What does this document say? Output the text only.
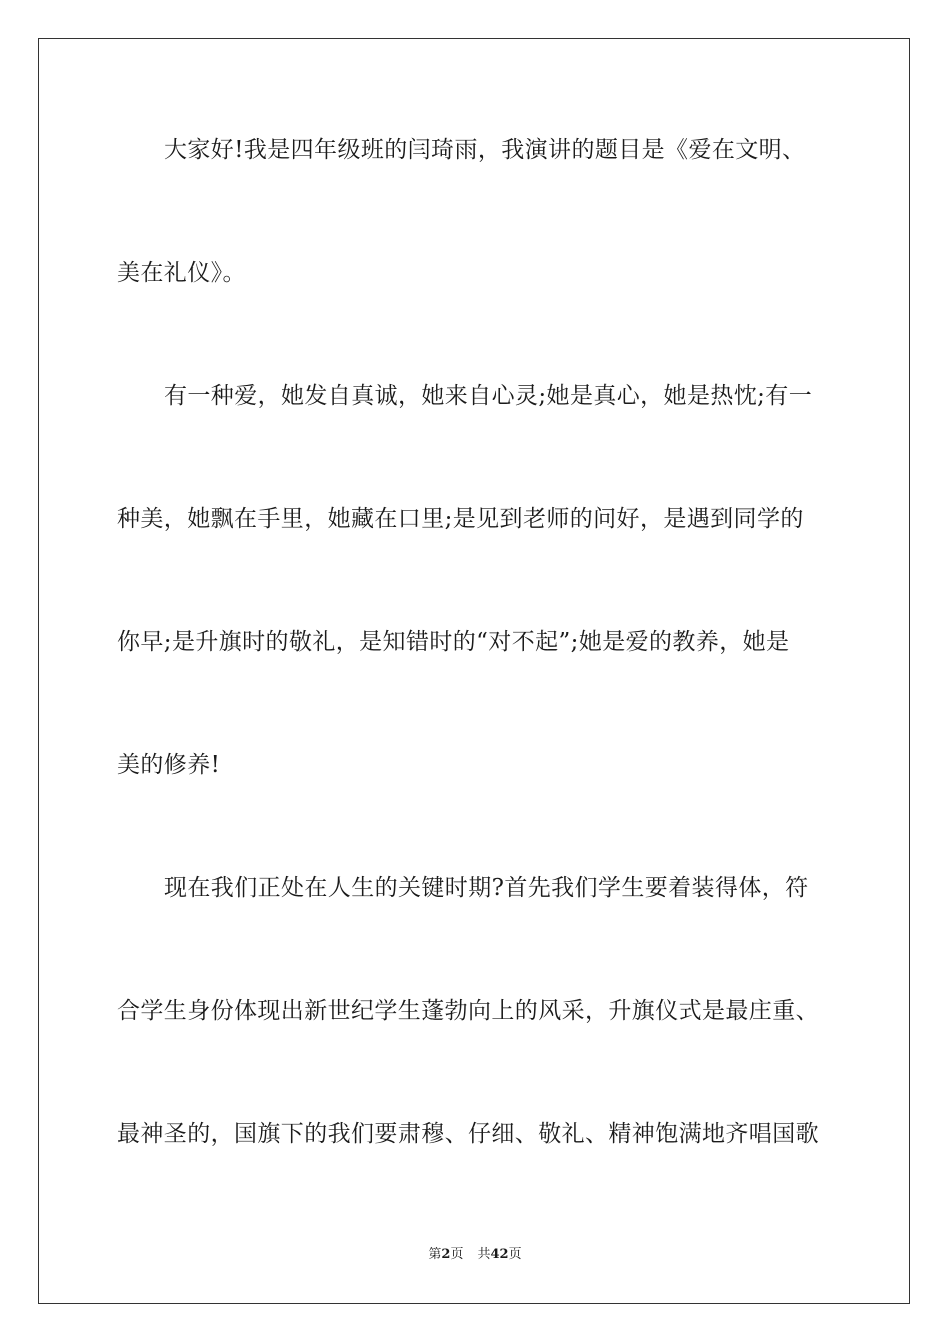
大家好!我是四年级班的闫琦雨，我演讲的题目是《爱在文明、
美在礼仪》。
有一种爱，她发自真诚，她来自心灵;她是真心，她是热忱;有一
种美，她飘在手里，她藏在口里;是见到老师的问好，是遇到同学的
你早;是升旗时的敬礼，是知错时的“对不起”;她是爱的教养，她是
美的修养!
现在我们正处在人生的关键时期?首先我们学生要着装得体，符
合学生身份体现出新世纪学生蓬勃向上的风采，升旗仪式是最庄重、
最神圣的，国旗下的我们要肃穆、仔细、敬礼、精神饱满地齐唱国歌
第2页 共42页
